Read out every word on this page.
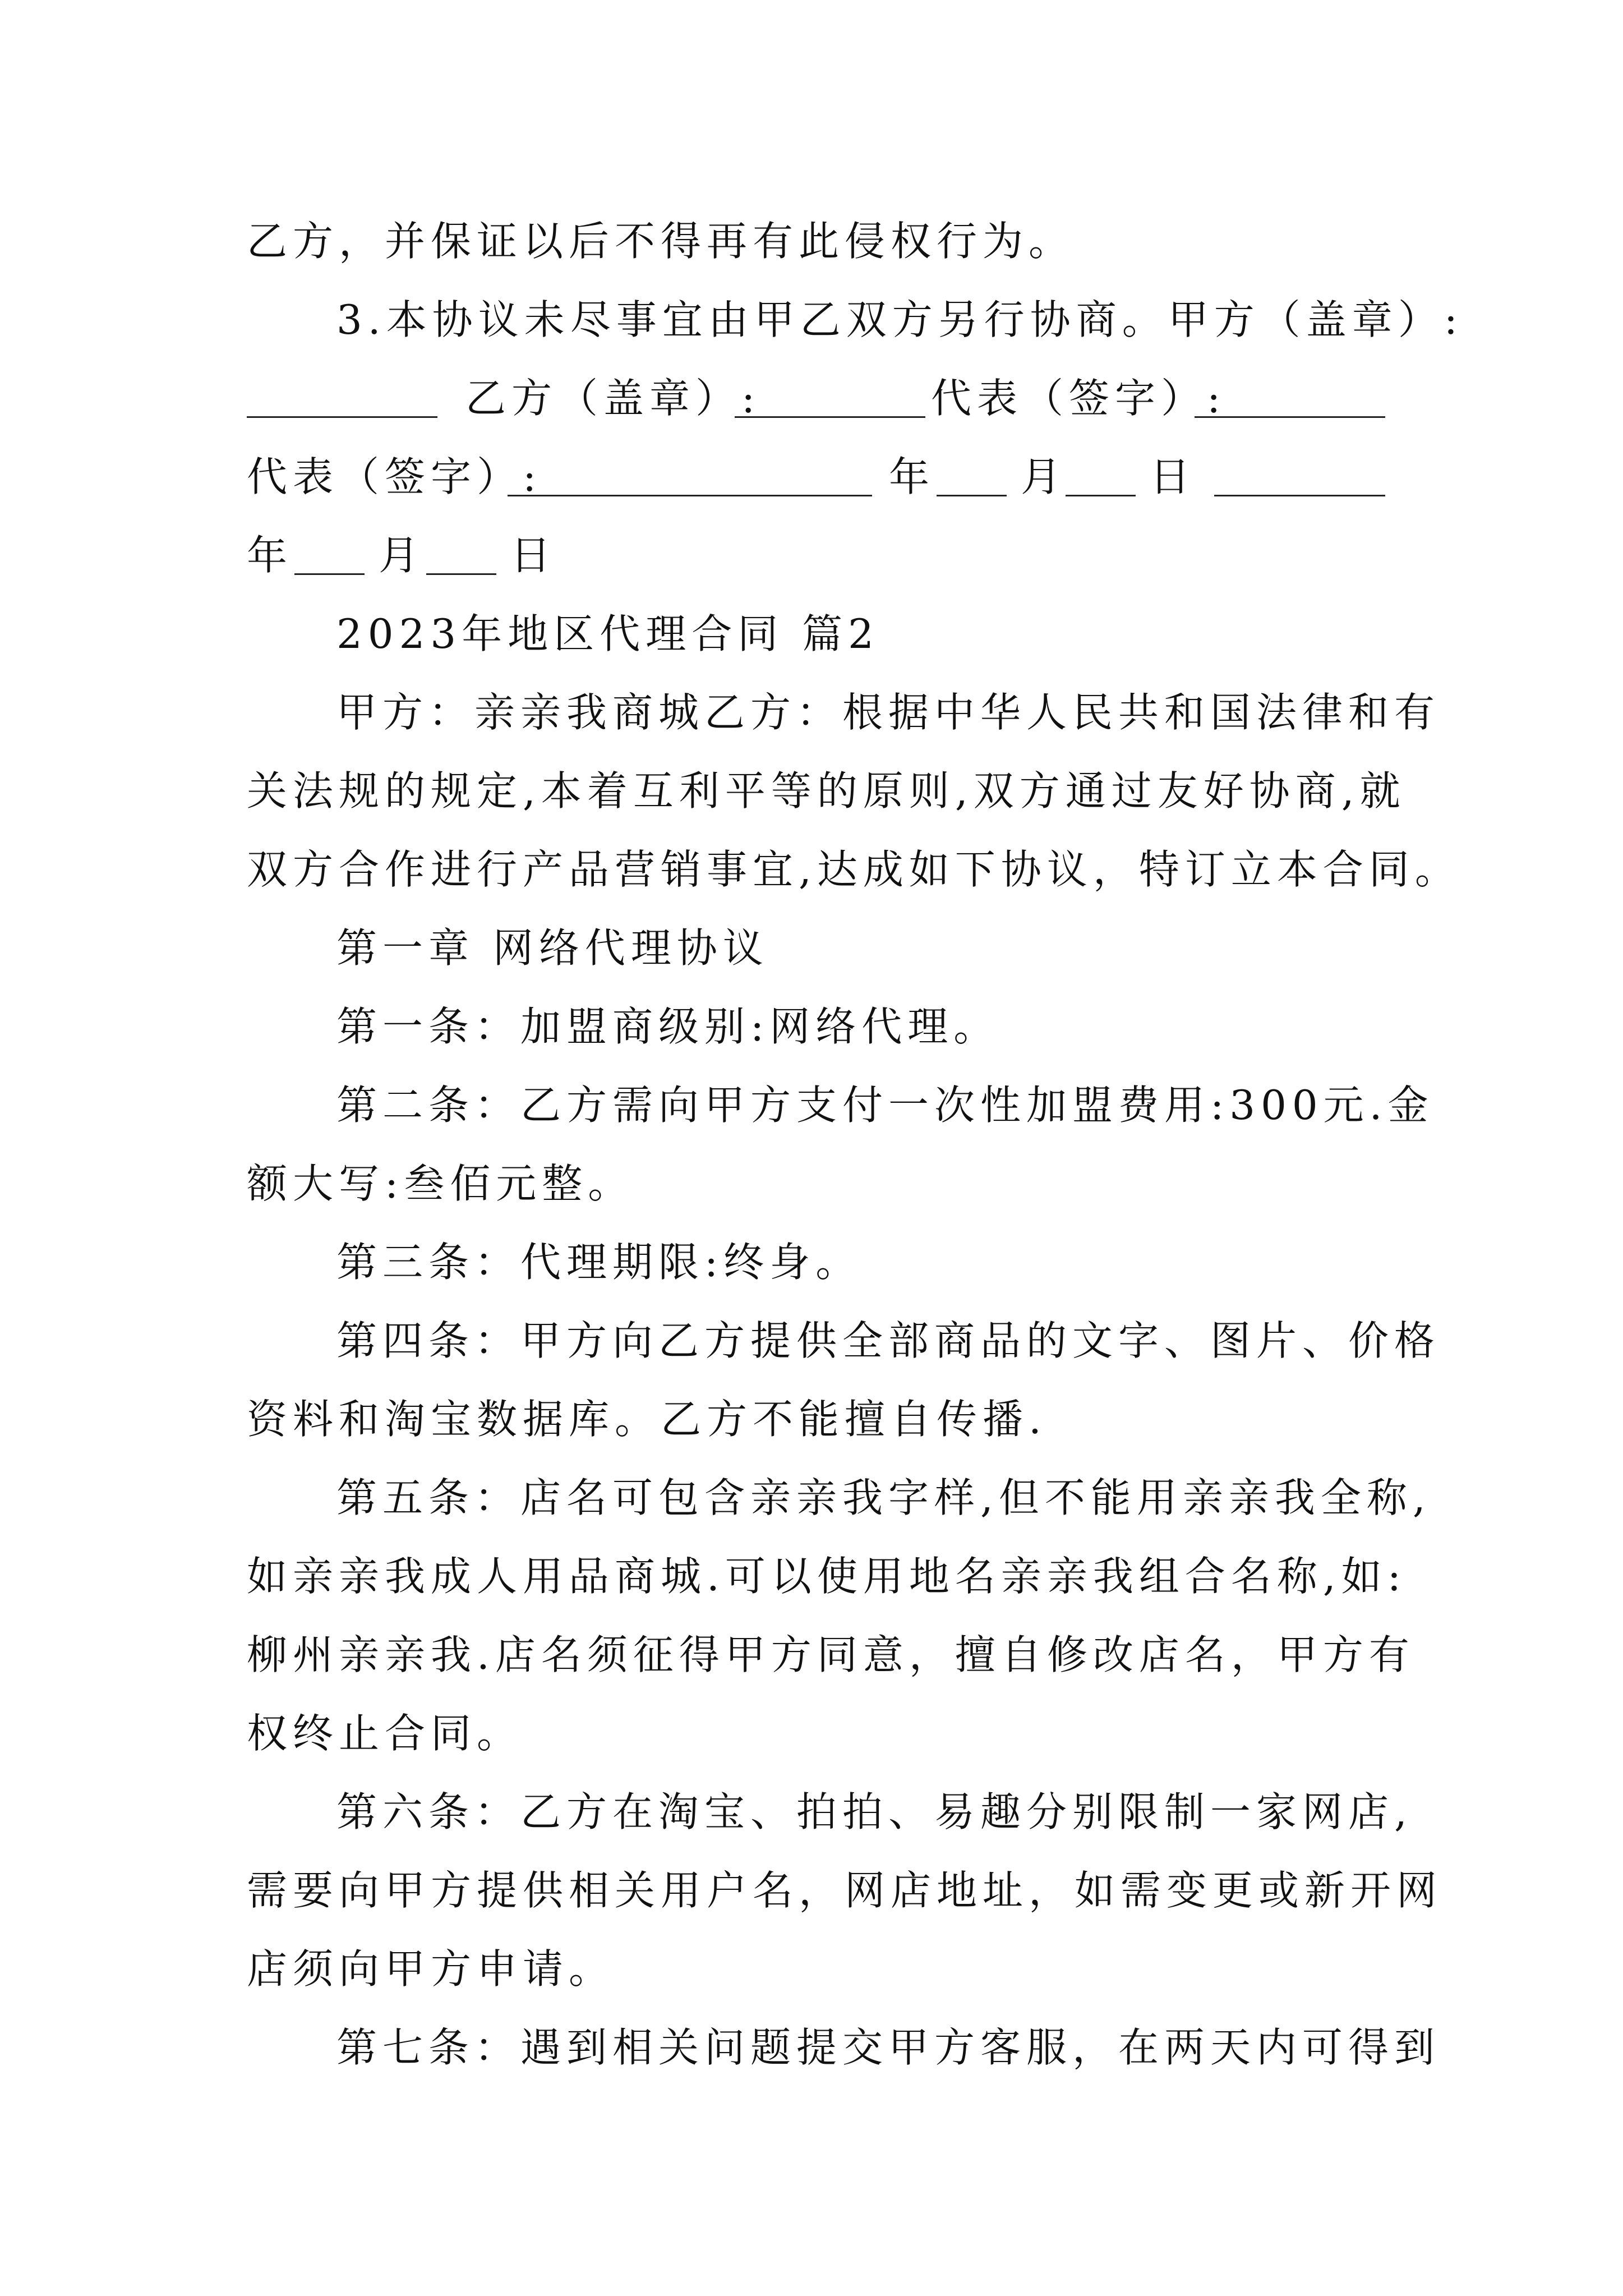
乙方，并保证以后不得再有此侵权行为。
3.本协议未尽事宜由甲乙双方另行协商。甲方（盖章）:
乙方（盖章）:	代表（签字）:
代表（签字）:	年 月 日
年 月 日
2023年地区代理合同 篇2
甲方：亲亲我商城乙方：根据中华人民共和国法律和有
关法规的规定,本着互利平等的原则,双方通过友好协商,就
双方合作进行产品营销事宜,达成如下协议，特订立本合同。
第一章 网络代理协议
第一条：加盟商级别:网络代理。
第二条：乙方需向甲方支付一次性加盟费用:300元.金
额大写:叁佰元整。
第三条：代理期限:终身。
第四条：甲方向乙方提供全部商品的文字、图片、价格
资料和淘宝数据库。乙方不能擅自传播.
第五条：店名可包含亲亲我字样,但不能用亲亲我全称,
如亲亲我成人用品商城.可以使用地名亲亲我组合名称,如:
柳州亲亲我.店名须征得甲方同意，擅自修改店名，甲方有
权终止合同。
第六条：乙方在淘宝、拍拍、易趣分别限制一家网店,
需要向甲方提供相关用户名，网店地址，如需变更或新开网
店须向甲方申请。
第七条：遇到相关问题提交甲方客服，在两天内可得到
